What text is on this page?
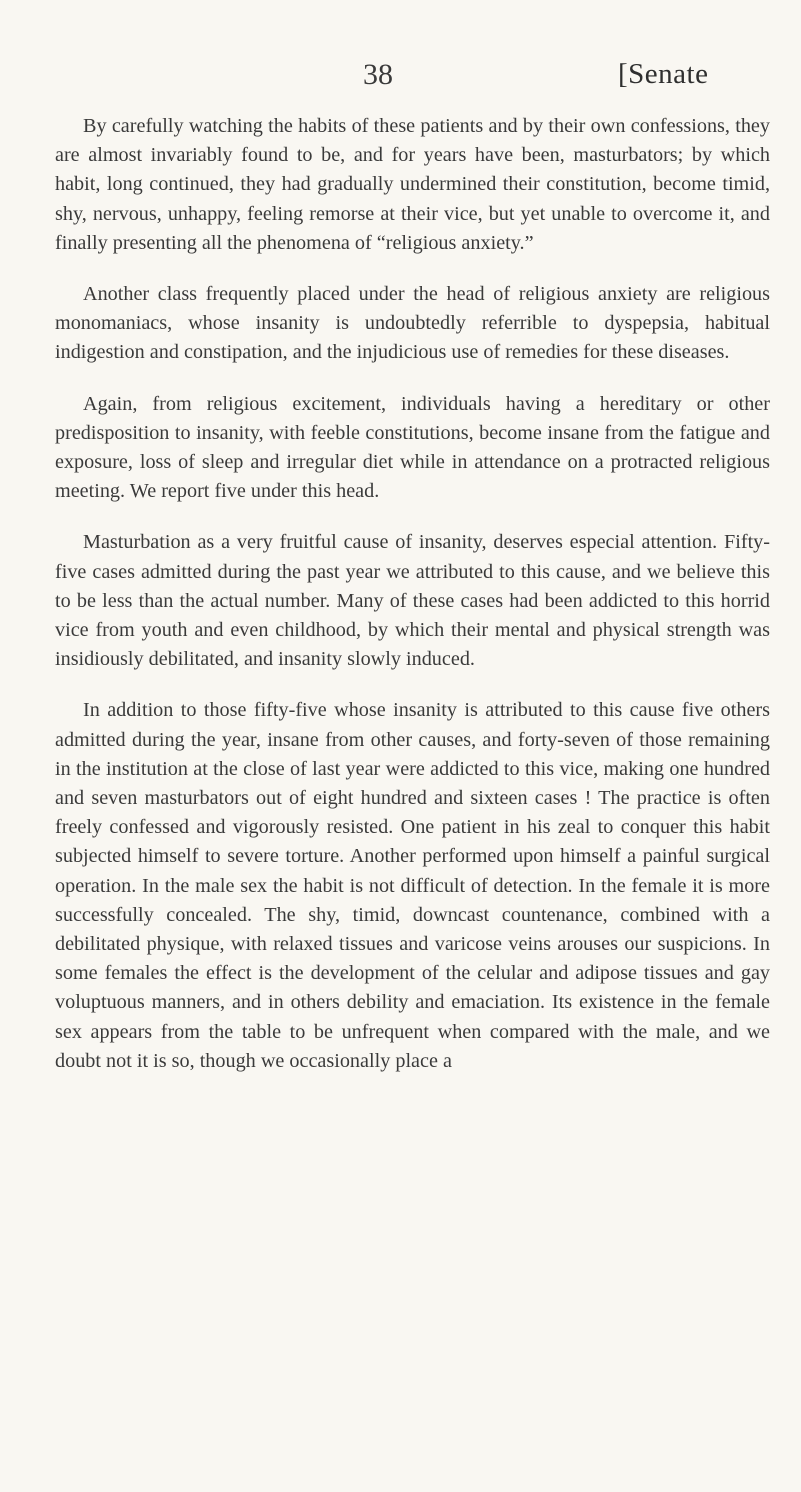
38	[Senate

By carefully watching the habits of these patients and by their own confessions, they are almost invariably found to be, and for years have been, masturbators; by which habit, long continued, they had gradually undermined their constitution, become timid, shy, nervous, unhappy, feeling remorse at their vice, but yet unable to overcome it, and finally presenting all the phenomena of “religious anxiety.”

Another class frequently placed under the head of religious anxiety are religious monomaniacs, whose insanity is undoubtedly referrible to dyspepsia, habitual indigestion and constipation, and the injudicious use of remedies for these diseases.

Again, from religious excitement, individuals having a hereditary or other predisposition to insanity, with feeble constitutions, become insane from the fatigue and exposure, loss of sleep and irregular diet while in attendance on a protracted religious meeting. We report five under this head.

Masturbation as a very fruitful cause of insanity, deserves especial attention. Fifty-five cases admitted during the past year we attributed to this cause, and we believe this to be less than the actual number. Many of these cases had been addicted to this horrid vice from youth and even childhood, by which their mental and physical strength was insidiously debilitated, and insanity slowly induced.

In addition to those fifty-five whose insanity is attributed to this cause five others admitted during the year, insane from other causes, and forty-seven of those remaining in the institution at the close of last year were addicted to this vice, making one hundred and seven masturbators out of eight hundred and sixteen cases ! The practice is often freely confessed and vigorously resisted. One patient in his zeal to conquer this habit subjected himself to severe torture. Another performed upon himself a painful surgical operation. In the male sex the habit is not difficult of detection. In the female it is more successfully concealed. The shy, timid, downcast countenance, combined with a debilitated physique, with relaxed tissues and varicose veins arouses our suspicions. In some females the effect is the development of the celular and adipose tissues and gay voluptuous manners, and in others debility and emaciation. Its existence in the female sex appears from the table to be unfrequent when compared with the male, and we doubt not it is so, though we occasionally place a
